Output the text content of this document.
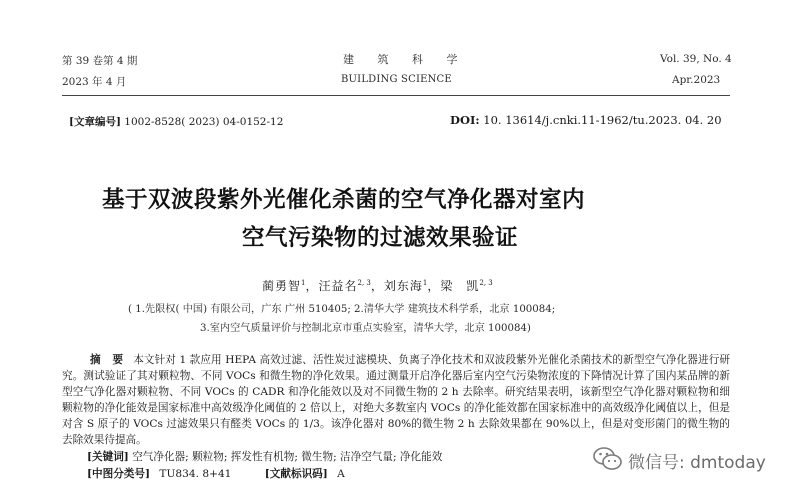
第 39 卷第 4 期
2023 年 4 月
建 筑 科 学
BUILDING SCIENCE
Vol. 39, No. 4
Apr.2023
[文章编号] 1002-8528( 2023) 04-0152-12	DOI: 10. 13614/j.cnki.11-1962/tu.2023. 04. 20
基于双波段紫外光催化杀菌的空气净化器对室内
空气污染物的过滤效果验证
蔺勇智$^1$，汪益名$^{2, 3}$，刘东海$^1$，梁　凯$^{2, 3}$
( 1.先限权( 中国) 有限公司，广东 广州 510405; 2.清华大学 建筑技术科学系，北京 100084;
3.室内空气质量评价与控制北京市重点实验室，清华大学，北京 100084)

摘 要 本文针对 1 款应用 HEPA 高效过滤、活性炭过滤模块、负离子净化技术和双波段紫外光催化杀菌技术的新型空气净化器进行研究。测试验证了其对颗粒物、不同 VOCs 和微生物的净化效果。通过测量开启净化器后室内空气污染物浓度的下降情况计算了国内某品牌的新型空气净化器对颗粒物、不同 VOCs 的 CADR 和净化能效以及对不同微生物的 2 h 去除率。研究结果表明，该新型空气净化器对颗粒物和细颗粒物的净化能效是国家标准中高效级净化阈值的 2 倍以上，对绝大多数室内 VOCs 的净化能效都在国家标准中的高效级净化阈值以上，但是对含 S 原子的 VOCs 过滤效果只有醛类 VOCs 的 1/3。该净化器对 80%的微生物 2 h 去除效果都在 90%以上，但是对变形菌门的微生物的去除效果待提高。

[关键词] 空气净化器; 颗粒物; 挥发性有机物; 微生物; 洁净空气量; 净化能效
[中图分类号] TU834. 8+41	[文献标识码] A
微信号: dmtoday
